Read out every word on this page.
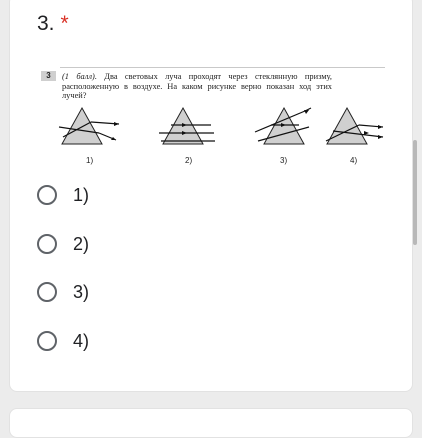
3. *
3	(1 балл). Два световых луча проходят через стеклянную призму, расположенную в воздухе. На каком рисунке верно показан ход этих лучей?
1)	2)	3)	4)
1)
2)
3)
4)
